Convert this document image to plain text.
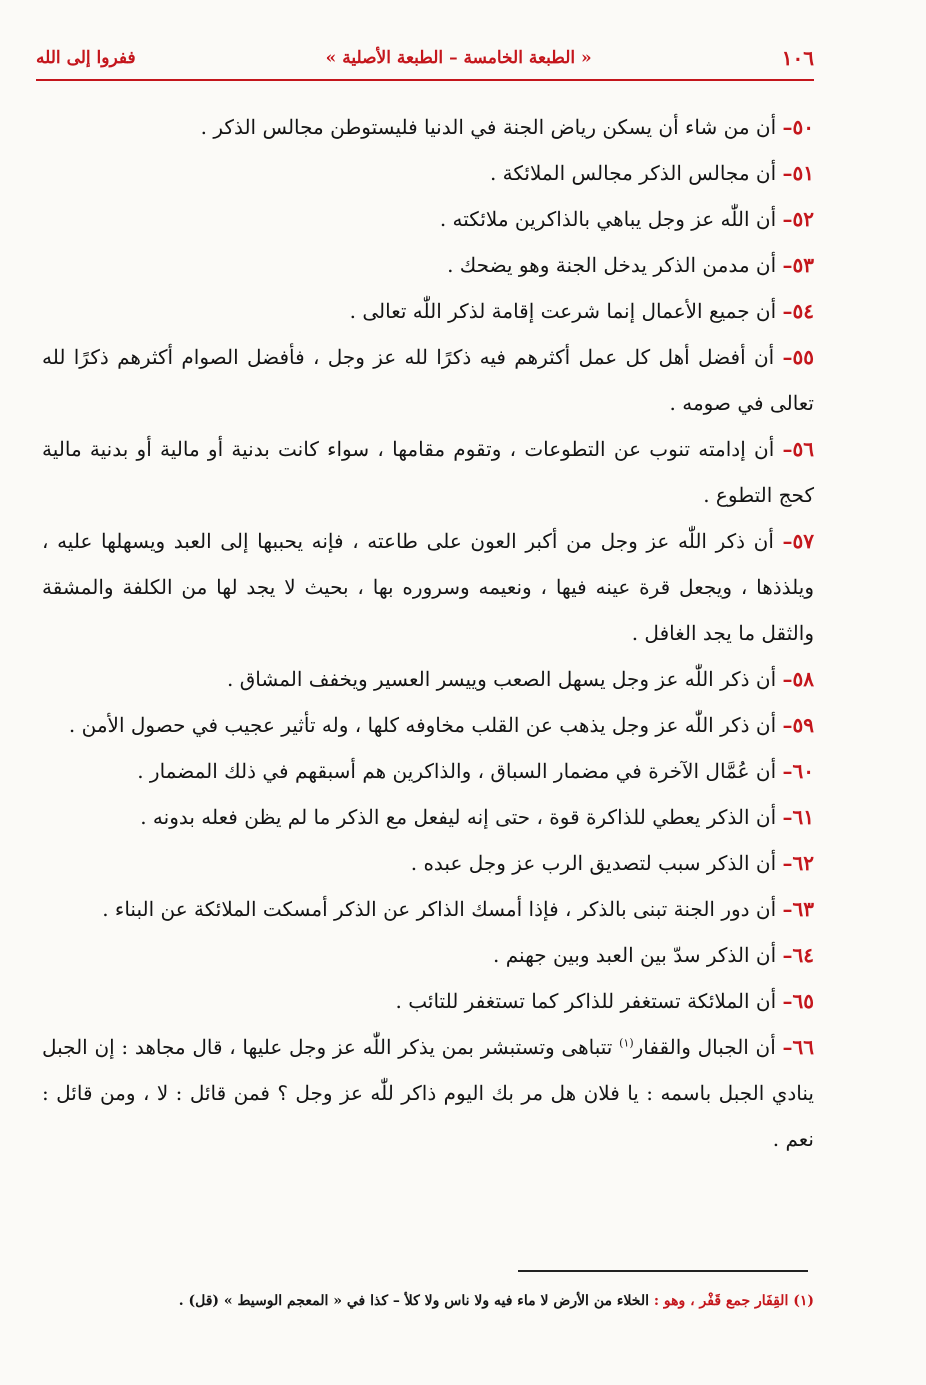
١٠٦
« الطبعة الخامسة – الطبعة الأصلية »
ففروا إلى الله
٥٠– أن من شاء أن يسكن رياض الجنة في الدنيا فليستوطن مجالس الذكر .
٥١– أن مجالس الذكر مجالس الملائكة .
٥٢– أن اللّٰه عز وجل يباهي بالذاكرين ملائكته .
٥٣– أن مدمن الذكر يدخل الجنة وهو يضحك .
٥٤– أن جميع الأعمال إنما شرعت إقامة لذكر اللّٰه تعالى .
٥٥– أن أفضل أهل كل عمل أكثرهم فيه ذكرًا لله عز وجل ، فأفضل الصوام أكثرهم ذكرًا لله تعالى في صومه .
٥٦– أن إدامته تنوب عن التطوعات ، وتقوم مقامها ، سواء كانت بدنية أو مالية أو بدنية مالية كحج التطوع .
٥٧– أن ذكر اللّٰه عز وجل من أكبر العون على طاعته ، فإنه يحببها إلى العبد ويسهلها عليه ، ويلذذها ، ويجعل قرة عينه فيها ، ونعيمه وسروره بها ، بحيث لا يجد لها من الكلفة والمشقة والثقل ما يجد الغافل .
٥٨– أن ذكر اللّٰه عز وجل يسهل الصعب وييسر العسير ويخفف المشاق .
٥٩– أن ذكر اللّٰه عز وجل يذهب عن القلب مخاوفه كلها ، وله تأثير عجيب في حصول الأمن .
٦٠– أن عُمَّال الآخرة في مضمار السباق ، والذاكرين هم أسبقهم في ذلك المضمار .
٦١– أن الذكر يعطي للذاكرة قوة ، حتى إنه ليفعل مع الذكر ما لم يظن فعله بدونه .
٦٢– أن الذكر سبب لتصديق الرب عز وجل عبده .
٦٣– أن دور الجنة تبنى بالذكر ، فإذا أمسك الذاكر عن الذكر أمسكت الملائكة عن البناء .
٦٤– أن الذكر سدّ بين العبد وبين جهنم .
٦٥– أن الملائكة تستغفر للذاكر كما تستغفر للتائب .
٦٦– أن الجبال والقفار$^{(١)}$ تتباهى وتستبشر بمن يذكر اللّٰه عز وجل عليها ، قال مجاهد : إن الجبل ينادي الجبل باسمه : يا فلان هل مر بك اليوم ذاكر للّٰه عز وجل ؟ فمن قائل : لا ، ومن قائل : نعم .
(١) القِفَار جمع قَفْر ، وهو : الخلاء من الأرض لا ماء فيه ولا ناس ولا كلأ – كذا في « المعجم الوسيط » (قل) .
